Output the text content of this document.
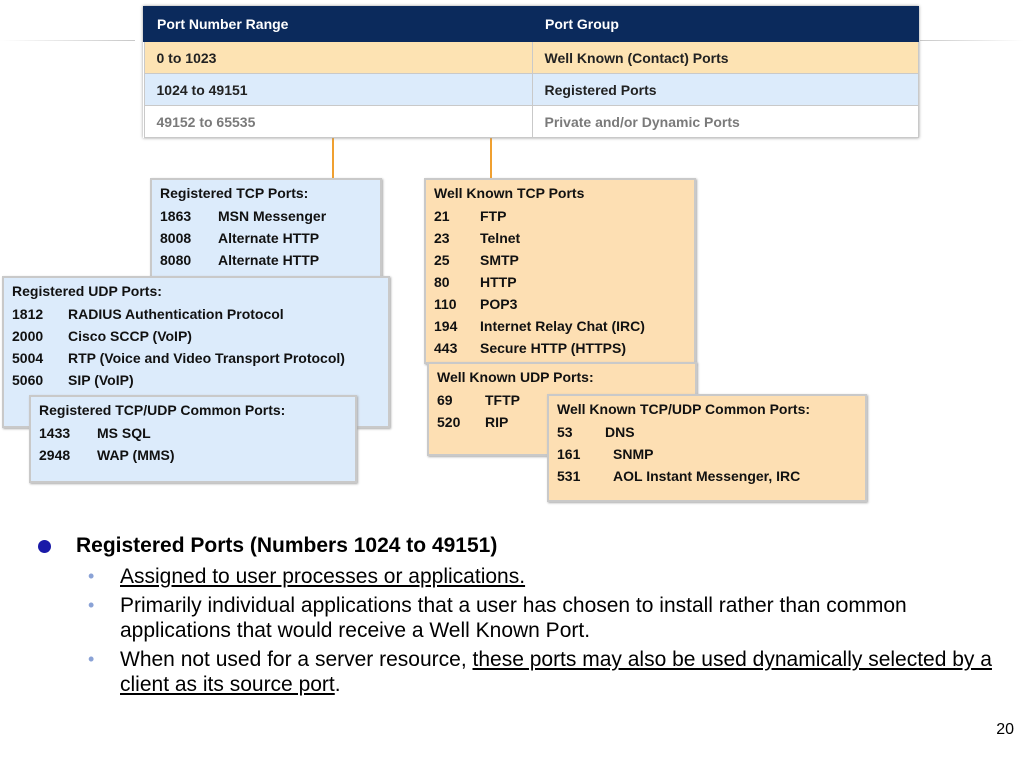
Port Number Range	Port Group
0 to 1023	Well Known (Contact) Ports
1024 to 49151	Registered Ports
49152 to 65535	Private and/or Dynamic Ports
Registered TCP Ports:
1863 MSN Messenger
8008 Alternate HTTP
8080 Alternate HTTP
Registered UDP Ports:
1812 RADIUS Authentication Protocol
2000 Cisco SCCP (VoIP)
5004 RTP (Voice and Video Transport Protocol)
5060 SIP (VoIP)
Registered TCP/UDP Common Ports:
1433 MS SQL
2948 WAP (MMS)
Well Known TCP Ports
21 FTP
23 Telnet
25 SMTP
80 HTTP
110 POP3
194 Internet Relay Chat (IRC)
443 Secure HTTP (HTTPS)
Well Known UDP Ports:
69 TFTP
520 RIP
Well Known TCP/UDP Common Ports:
53 DNS
161 SNMP
531 AOL Instant Messenger, IRC
Registered Ports (Numbers 1024 to 49151)
• Assigned to user processes or applications.
• Primarily individual applications that a user has chosen to install rather than common applications that would receive a Well Known Port.
• When not used for a server resource, these ports may also be used dynamically selected by a client as its source port.
20
